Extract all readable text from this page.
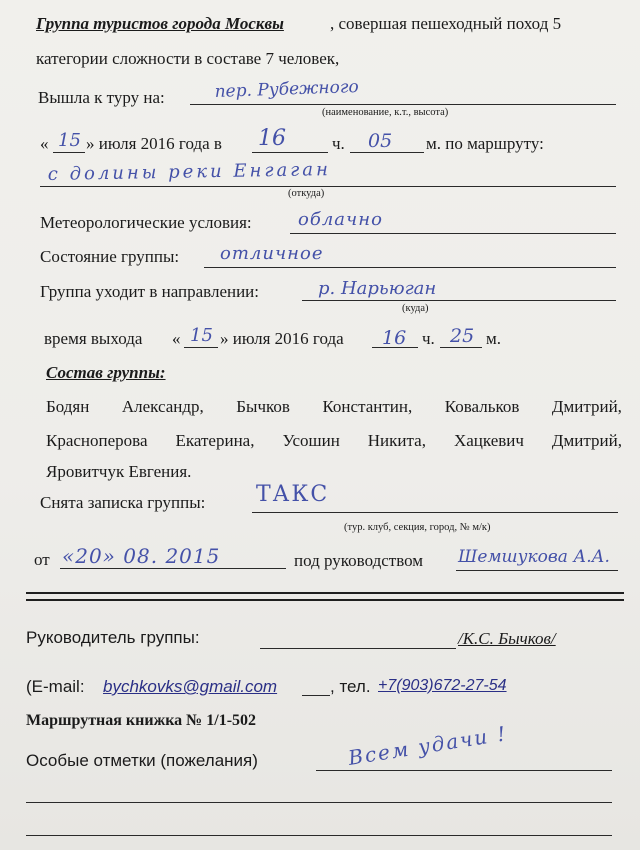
Группа туристов города Москвы	, совершая пешеходный поход 5
категории сложности в составе 7 человек,
Вышла к туру на:	пер. Рубежного
(наименование, к.т., высота)
« 15 » июля 2016 года в 16	ч. 05 м. по маршруту:
с долины реки Енгаган
(откуда)
Метеорологические условия:	облачно
Состояние группы: отличное
Группа уходит в направлении:	р. Нарьюган
(куда)
время выхода « 15 » июля 2016 года 16 ч. 25 м.
Состав группы:
Бодян Александр, Бычков Константин, Ковальков Дмитрий,
Красноперова Екатерина, Усошин Никита, Хацкевич Дмитрий,
Яровитчук Евгения.
Снята записка группы: ТАКС
(тур. клуб, секция, город, № м/к)
от «20» 08. 2015	под руководством Шемшукова А.А.
Руководитель группы:	/К.С. Бычков/
(E-mail: bychkovks@gmail.com	, тел. +7(903)672-27-54
Маршрутная книжка № 1/1-502
Особые отметки (пожелания)	Всем удачи !
